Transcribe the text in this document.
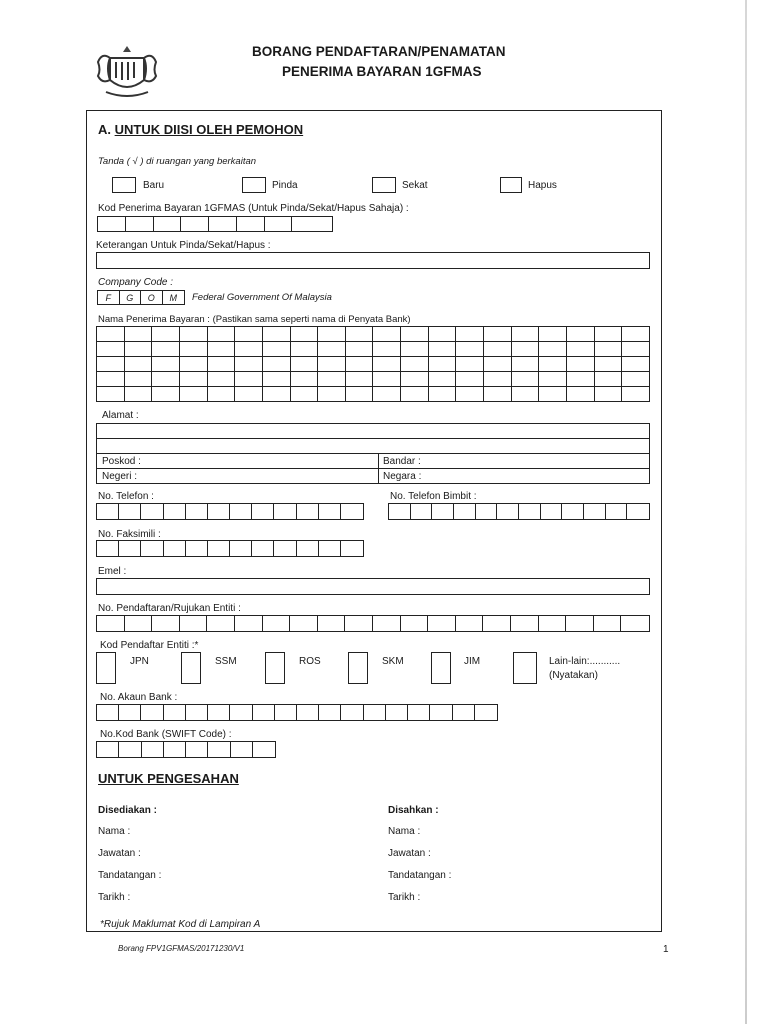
BORANG PENDAFTARAN/PENAMATAN
PENERIMA BAYARAN 1GFMAS
A. UNTUK DIISI OLEH PEMOHON
Tanda ( √ ) di ruangan yang berkaitan
Baru	Pinda	Sekat	Hapus
Kod Penerima Bayaran 1GFMAS (Untuk Pinda/Sekat/Hapus Sahaja) :
Keterangan Untuk Pinda/Sekat/Hapus :
Company Code :
F	G	O	M	Federal Government Of Malaysia
Nama Penerima Bayaran : (Pastikan sama seperti nama di Penyata Bank)
Alamat :
Poskod :	Bandar :
Negeri :	Negara :
No. Telefon :	No. Telefon Bimbit :
No. Faksimili :
Emel :
No. Pendaftaran/Rujukan Entiti :
Kod Pendaftar Entiti :*
JPN	SSM	ROS	SKM	JIM	Lain-lain:...........
(Nyatakan)
No. Akaun Bank :
No.Kod Bank (SWIFT Code) :
UNTUK PENGESAHAN
Disediakan :	Disahkan :
Nama :	Nama :
Jawatan :	Jawatan :
Tandatangan :	Tandatangan :
Tarikh :	Tarikh :
*Rujuk Maklumat Kod di Lampiran A
Borang FPV1GFMAS/20171230/V1	1
